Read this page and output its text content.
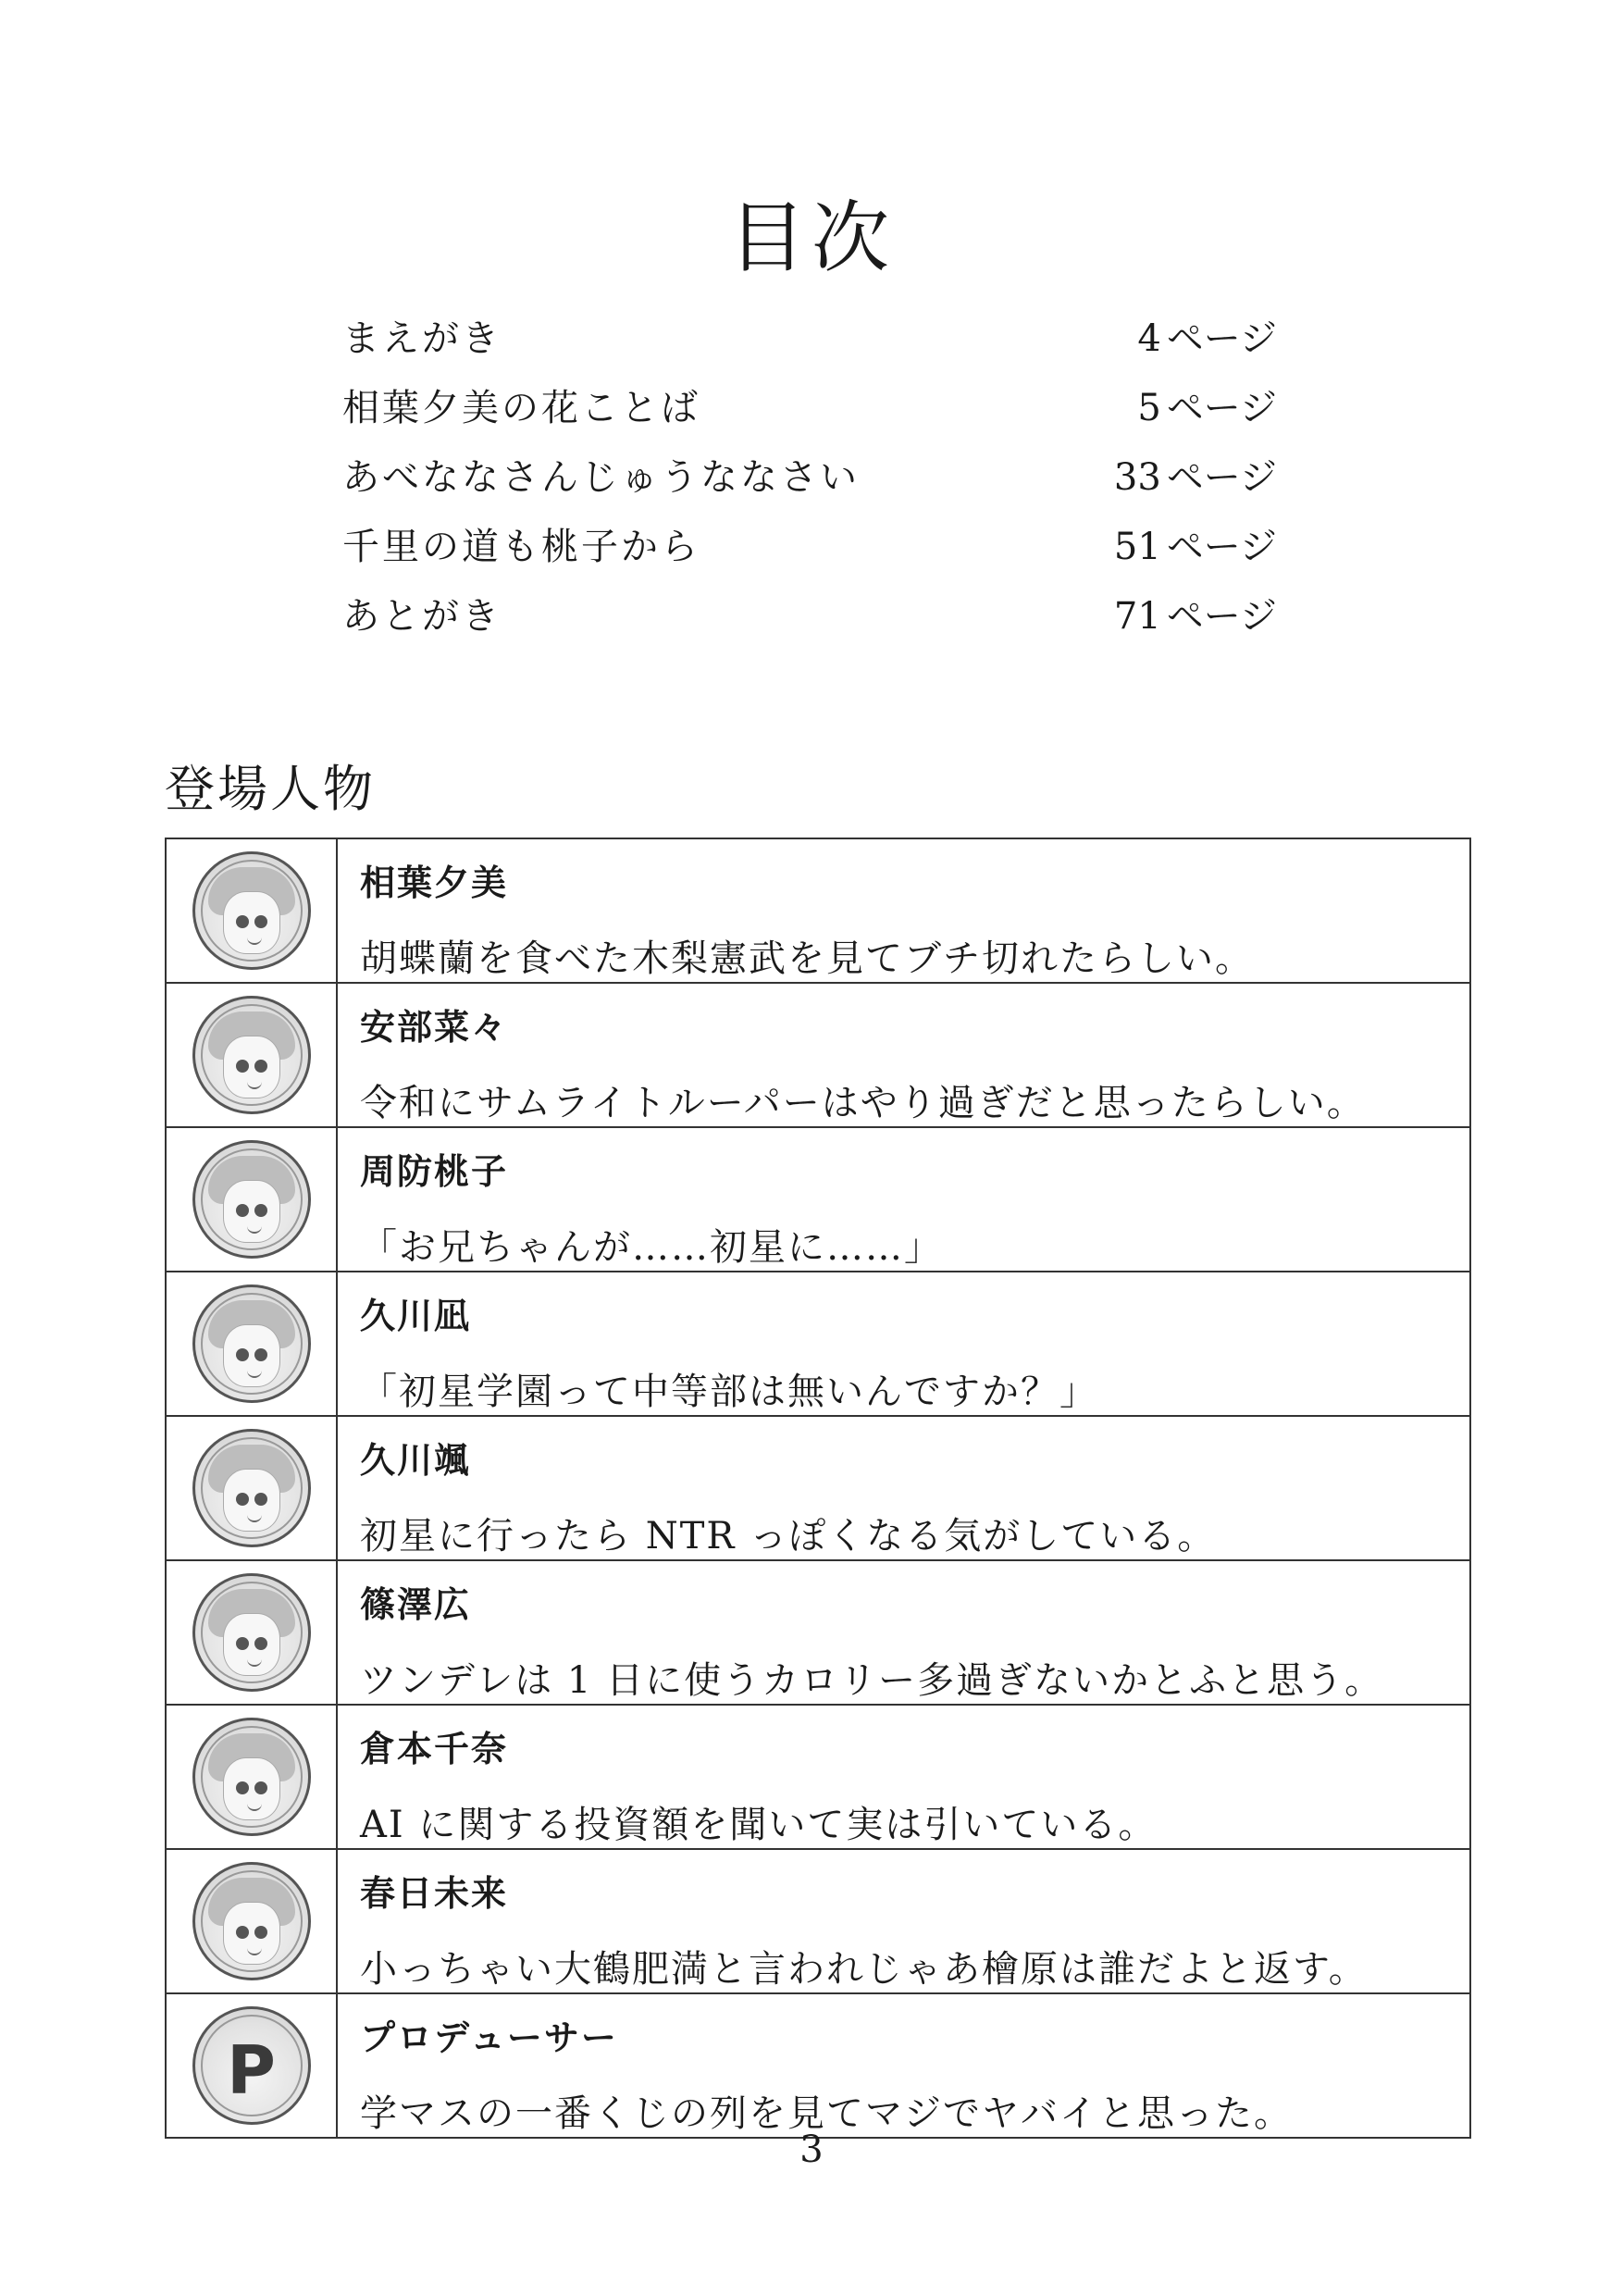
目次
まえがき	4 ページ
相葉夕美の花ことば	5 ページ
あべななさんじゅうななさい	33 ページ
千里の道も桃子から	51 ページ
あとがき	71 ページ
登場人物

	相葉夕美
胡蝶蘭を食べた木梨憲武を見てブチ切れたらしい。

	安部菜々
令和にサムライトルーパーはやり過ぎだと思ったらしい。

	周防桃子
「お兄ちゃんが……初星に……」

	久川凪
「初星学園って中等部は無いんですか？」

	久川颯
初星に行ったら NTR っぽくなる気がしている。

	篠澤広
ツンデレは 1 日に使うカロリー多過ぎないかとふと思う。

	倉本千奈
AI に関する投資額を聞いて実は引いている。

	春日未来
小っちゃい大鶴肥満と言われじゃあ檜原は誰だよと返す。

P	プロデューサー
学マスの一番くじの列を見てマジでヤバイと思った。
3
